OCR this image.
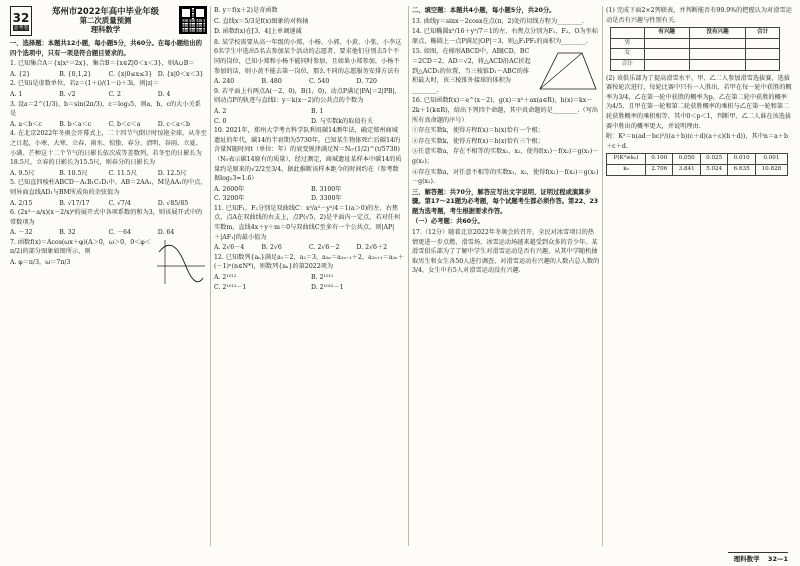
32
金考卷
郑州市2022年高中毕业年级
第二次质量预测
理科数学

一、选择题：本题共12小题，每小题5分，共60分。在每小题给出的四个选项中，只有一项是符合题目要求的。

1. 已知集合A＝{x|x²＝2x}，集合B＝{x∈Z|0＜x＜3}，则A∪B＝

A. {2}	B. {0,1,2}	C. {x|0≤x≤3} D. {x|0＜x＜3}

2. 已知i是虚数单位，若z＝(1＋i)/(1－i)＋3i，则|z|＝

A. 1	B. √2	C. 2	D. 4

3. 设a＝2^(1/3)，b＝sin(2π/3)，c＝log₃5，则a，b，c的大小关系是

A. a＜b＜c	B. b＜a＜c	C. b＜c＜a	D. c＜a＜b

4. 在北京2022年冬奥会开幕式上，二十四节气倒计时惊艳全球。从冬至之日起，小寒、大寒、立春、雨水、惊蛰、春分、清明、谷雨、立夏、小满、芒种这十二个节气的日影长依次成等差数列，若冬至的日影长为18.5尺，立春的日影长为15.5尺，则春分的日影长为

A. 9.5尺	B. 10.5尺	C. 11.5尺	D. 12.5尺

5. 已知直四棱柱ABCD－A₁B₁C₁D₁中，AB＝2AA₁，M是AA₁的中点，则异面直线AD₁与BM所成角的余弦值为

A. 2/15	B. √17/17	C. √7/4	D. √85/85

6. (2x³－a/x)(x－2/x)⁶的展开式中各项系数的和为3，则该展开式中的常数项为

A. －32	B. 32	C. －64	D. 64

7. 函数f(x)＝Acos(ωx＋φ)(A＞0，ω＞0，0＜φ＜π/2)的部分图象如图所示，则

A. φ＝π/3，ω＝7π/3

B. y＝f(x＋2)是奇函数

C. 直线x＝5/3是f(x)图象的对称轴

D. 函数f(x)在[3，4]上单调递减

8. 某学校需要从高一年级的小郑、小杨、小郭、小黄、小张、小李这6名学生中选出5名去参加某个活动的志愿者，要求他们分别去5个不同的岗位，已知小郑和小杨不能同时参加，且如果小郑参加，小杨不参加的话，则小黄不能去第一岗位，那么不同的志愿服务安排方法有

A. 240	B. 480	C. 540	D. 720

9. 若平面上有两点A(－2，0)，B(1，0)，动点P满足|PA|＝2|PB|，则动点P的轨迹与直线l：y＝k(x－2)的公共点的个数为

A. 2	B. 1
C. 0	D. 与实数k的取值有关

10. 2021年，郑州大学考古科学队利用碳14测年法，确定郑州商城遗址的年代，碳14的半衰期为5730年。已知某生物体死亡后碳14的含量N随时间t（单位：年）的衰变规律满足N＝N₀·(1/2)^(t/5730)（N₀表示碳14原有的质量），经过测定，商城遗址某样本中碳14的质量约是原来的√2/2至3/4，据此推断该样本距今的时间约在（参考数据log₂3≈1.6）

A. 2600年	B. 3100年
C. 3200年	D. 3300年

11. 已知F₁，F₂分别是双曲线C：x²/a²－y²/4＝1(a＞0)的左、右焦点，点A在双曲线的右支上，点P(√5，2)是平面内一定点，若对任何实数m，直线4x＋y＋m＝0与双曲线C至多有一个公共点，则|AP|＋|AF₁|的最小值为

A. 2√6－4	B. 2√6	C. 2√6－2	D. 2√6＋2

12. 已知数列{aₙ}满足a₁＝2，a₂＝3，a₂ₙ＝a₂ₙ₋₁＋2，a₂ₙ₊₁＝a₂ₙ＋(－1)ⁿ(n∈N*)，则数列{aₙ}的第2022项为

A. 2¹⁰¹²	B. 2¹⁰¹¹
C. 2¹⁰¹¹－1	D. 2¹⁰¹²－1

二、填空题：本题共4小题，每小题5分，共20分。

13. 曲线y＝sinx－2cosx在点(π，2)处的切线方程为________.

14. 已知椭圆x²/16＋y²/7＝1的左、右焦点分别为F₁，F₂，O为坐标原点，椭圆上一点P满足|OP|＝3，则△F₁PF₂的面积为________.

15. 如图，在梯形ABCD中，AB∥CD，BC＝2CD＝2，AD＝√2，将△ACD沿AC折起到△ACD₁的位置，当三棱锥D₁－ABC的体积最大时，该三棱锥外接球的体积为________.

16. 已知函数f(x)＝e^(x－2)，g(x)＝x²＋ax(a∈R)，h(x)＝kx－2k＋1(k∈R)，给出下列四个命题，其中真命题的是________.（写出所有真命题的序号）

①存在实数k，使得方程f(x)＝h(x)恰有一个根；

②存在实数k，使得方程f(x)＝h(x)恰有三个根；

③任意实数a，存在不相等的实数x₁，x₂，使得f(x₁)－f(x₂)＝g(x₁)－g(x₂)；

④存在实数a，对任意不相等的实数x₁，x₂，使得f(x₁)－f(x₂)＝g(x₁)－g(x₂).

三、解答题：共70分，解答应写出文字说明、证明过程或演算步骤。第17～21题为必考题，每个试题考生都必须作答。第22、23题为选考题，考生根据要求作答。

（一）必考题：共60分。

17.（12分）随着北京2022年冬奥会的召开，全民对冰雪项目的热情更进一步点燃，滑雪场、冰雪运动场越来越受到众多的青少年。某滑雪俱乐部为了了解中学生对滑雪运动是否有兴趣，从其中学随机抽取男生和女生各50人进行调查，对滑雪运动有兴趣的人数占总人数的3/4，女生中有5人对滑雪运动没有兴趣.

(1) 完成下面2×2列联表，并判断能否有99.9%的把握认为对滑雪运动是否有兴趣与性别有关.

	有兴趣	没有兴趣	合计
男			
女			
合计			

(2) 该俱乐部为了提高滑雪水平，甲、乙二人参加滑雪选拔赛，选拔赛按轮次进行，每轮比赛中只有一人胜出，若甲在每一轮中获胜的概率为3/4，乙在第一轮中获胜的概率为p，乙在第二轮中获胜的概率为4/5，且甲在第一轮和第二轮获胜概率的乘积与乙在第一轮和第二轮获胜概率的乘积相等，其中0＜p＜1，判断甲、乙二人谁在该选拔赛中胜出的概率更大，并说明理由.

附：K²＝n(ad－bc)²/((a＋b)(c＋d)(a＋c)(b＋d))，其中n＝a＋b＋c＋d.

P(K²≥k₀)	0.100	0.050	0.025	0.010	0.001
k₀	2.706	3.841	5.024	6.635	10.828
理科数学 32—1
